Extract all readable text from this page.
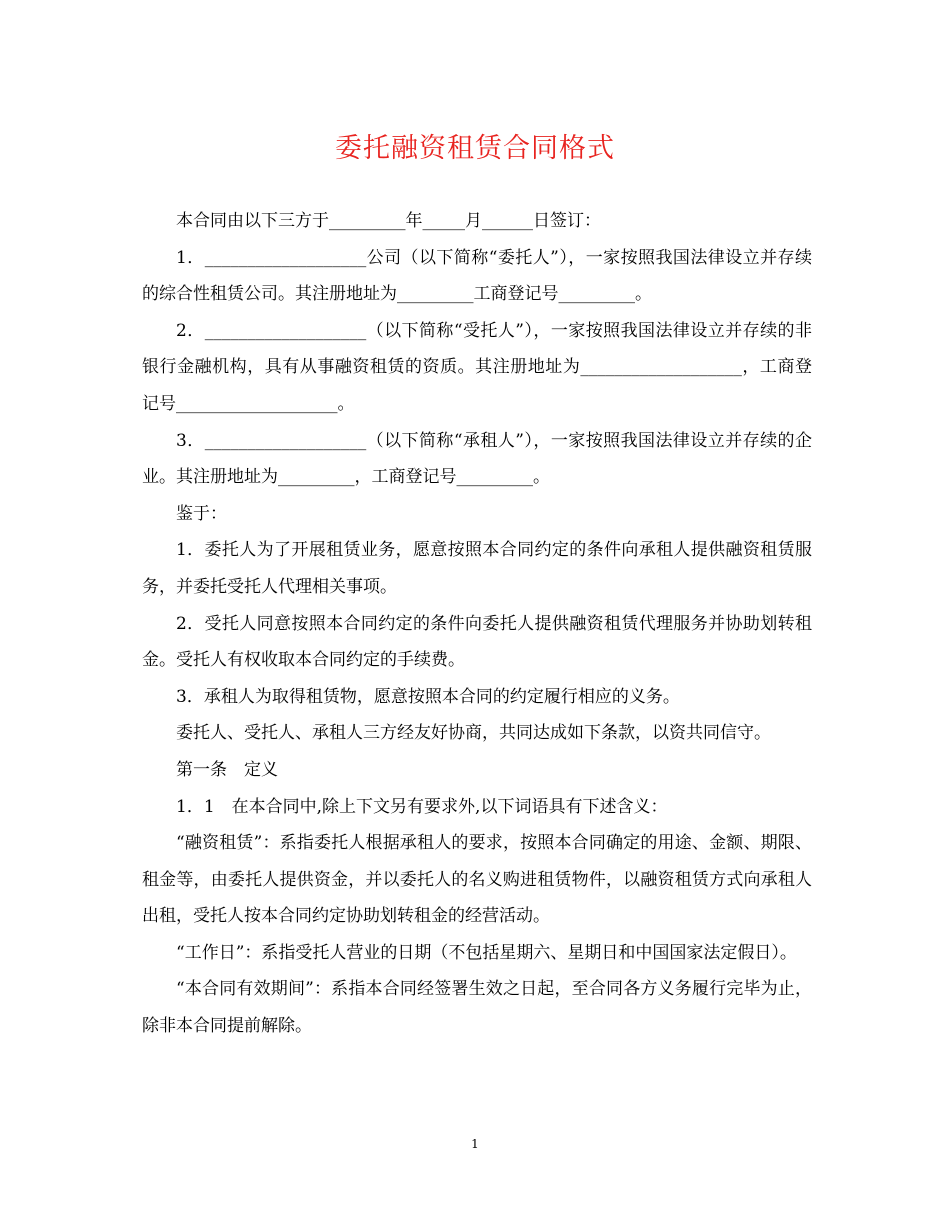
委托融资租赁合同格式

本合同由以下三方于_________年_____月______日签订：

1．___________________公司（以下简称“委托人”），一家按照我国法律设立并存续的综合性租赁公司。其注册地址为_________工商登记号_________。

2．___________________（以下简称“受托人”），一家按照我国法律设立并存续的非银行金融机构，具有从事融资租赁的资质。其注册地址为___________________，工商登记号___________________。

3．___________________（以下简称“承租人”），一家按照我国法律设立并存续的企业。其注册地址为_________，工商登记号_________。

鉴于：

1．委托人为了开展租赁业务，愿意按照本合同约定的条件向承租人提供融资租赁服务，并委托受托人代理相关事项。

2．受托人同意按照本合同约定的条件向委托人提供融资租赁代理服务并协助划转租金。受托人有权收取本合同约定的手续费。

3．承租人为取得租赁物，愿意按照本合同的约定履行相应的义务。

委托人、受托人、承租人三方经友好协商，共同达成如下条款，以资共同信守。

第一条　定义

1．1　在本合同中,除上下文另有要求外,以下词语具有下述含义：

“融资租赁”：系指委托人根据承租人的要求，按照本合同确定的用途、金额、期限、租金等，由委托人提供资金，并以委托人的名义购进租赁物件，以融资租赁方式向承租人出租，受托人按本合同约定协助划转租金的经营活动。

“工作日”：系指受托人营业的日期（不包括星期六、星期日和中国国家法定假日）。

“本合同有效期间”：系指本合同经签署生效之日起，至合同各方义务履行完毕为止，除非本合同提前解除。

1
